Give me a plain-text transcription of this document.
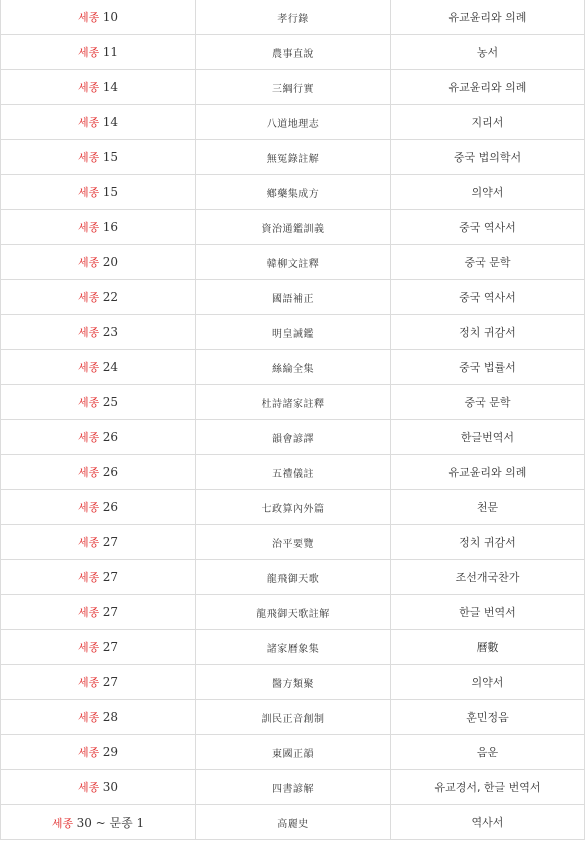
세종 10	孝行錄	유교윤리와 의례
세종 11	農事直說	농서
세종 14	三綱行實	유교윤리와 의례
세종 14	八道地理志	지리서
세종 15	無冤錄註解	중국 법의학서
세종 15	鄕藥集成方	의약서
세종 16	資治通鑑訓義	중국 역사서
세종 20	韓柳文註釋	중국 문학
세종 22	國語補正	중국 역사서
세종 23	明皇誡鑑	정치 귀감서
세종 24	絲綸全集	중국 법률서
세종 25	杜詩諸家註釋	중국 문학
세종 26	韻會諺譯	한글번역서
세종 26	五禮儀註	유교윤리와 의례
세종 26	七政算內外篇	천문
세종 27	治平要覽	정치 귀감서
세종 27	龍飛御天歌	조선개국찬가
세종 27	龍飛御天歌註解	한글 번역서
세종 27	諸家曆象集	曆數
세종 27	醫方類聚	의약서
세종 28	訓民正音創制	훈민정음
세종 29	東國正韻	음운
세종 30	四書諺解	유교경서, 한글 번역서
세종 30 ~ 문종 1	高麗史	역사서
